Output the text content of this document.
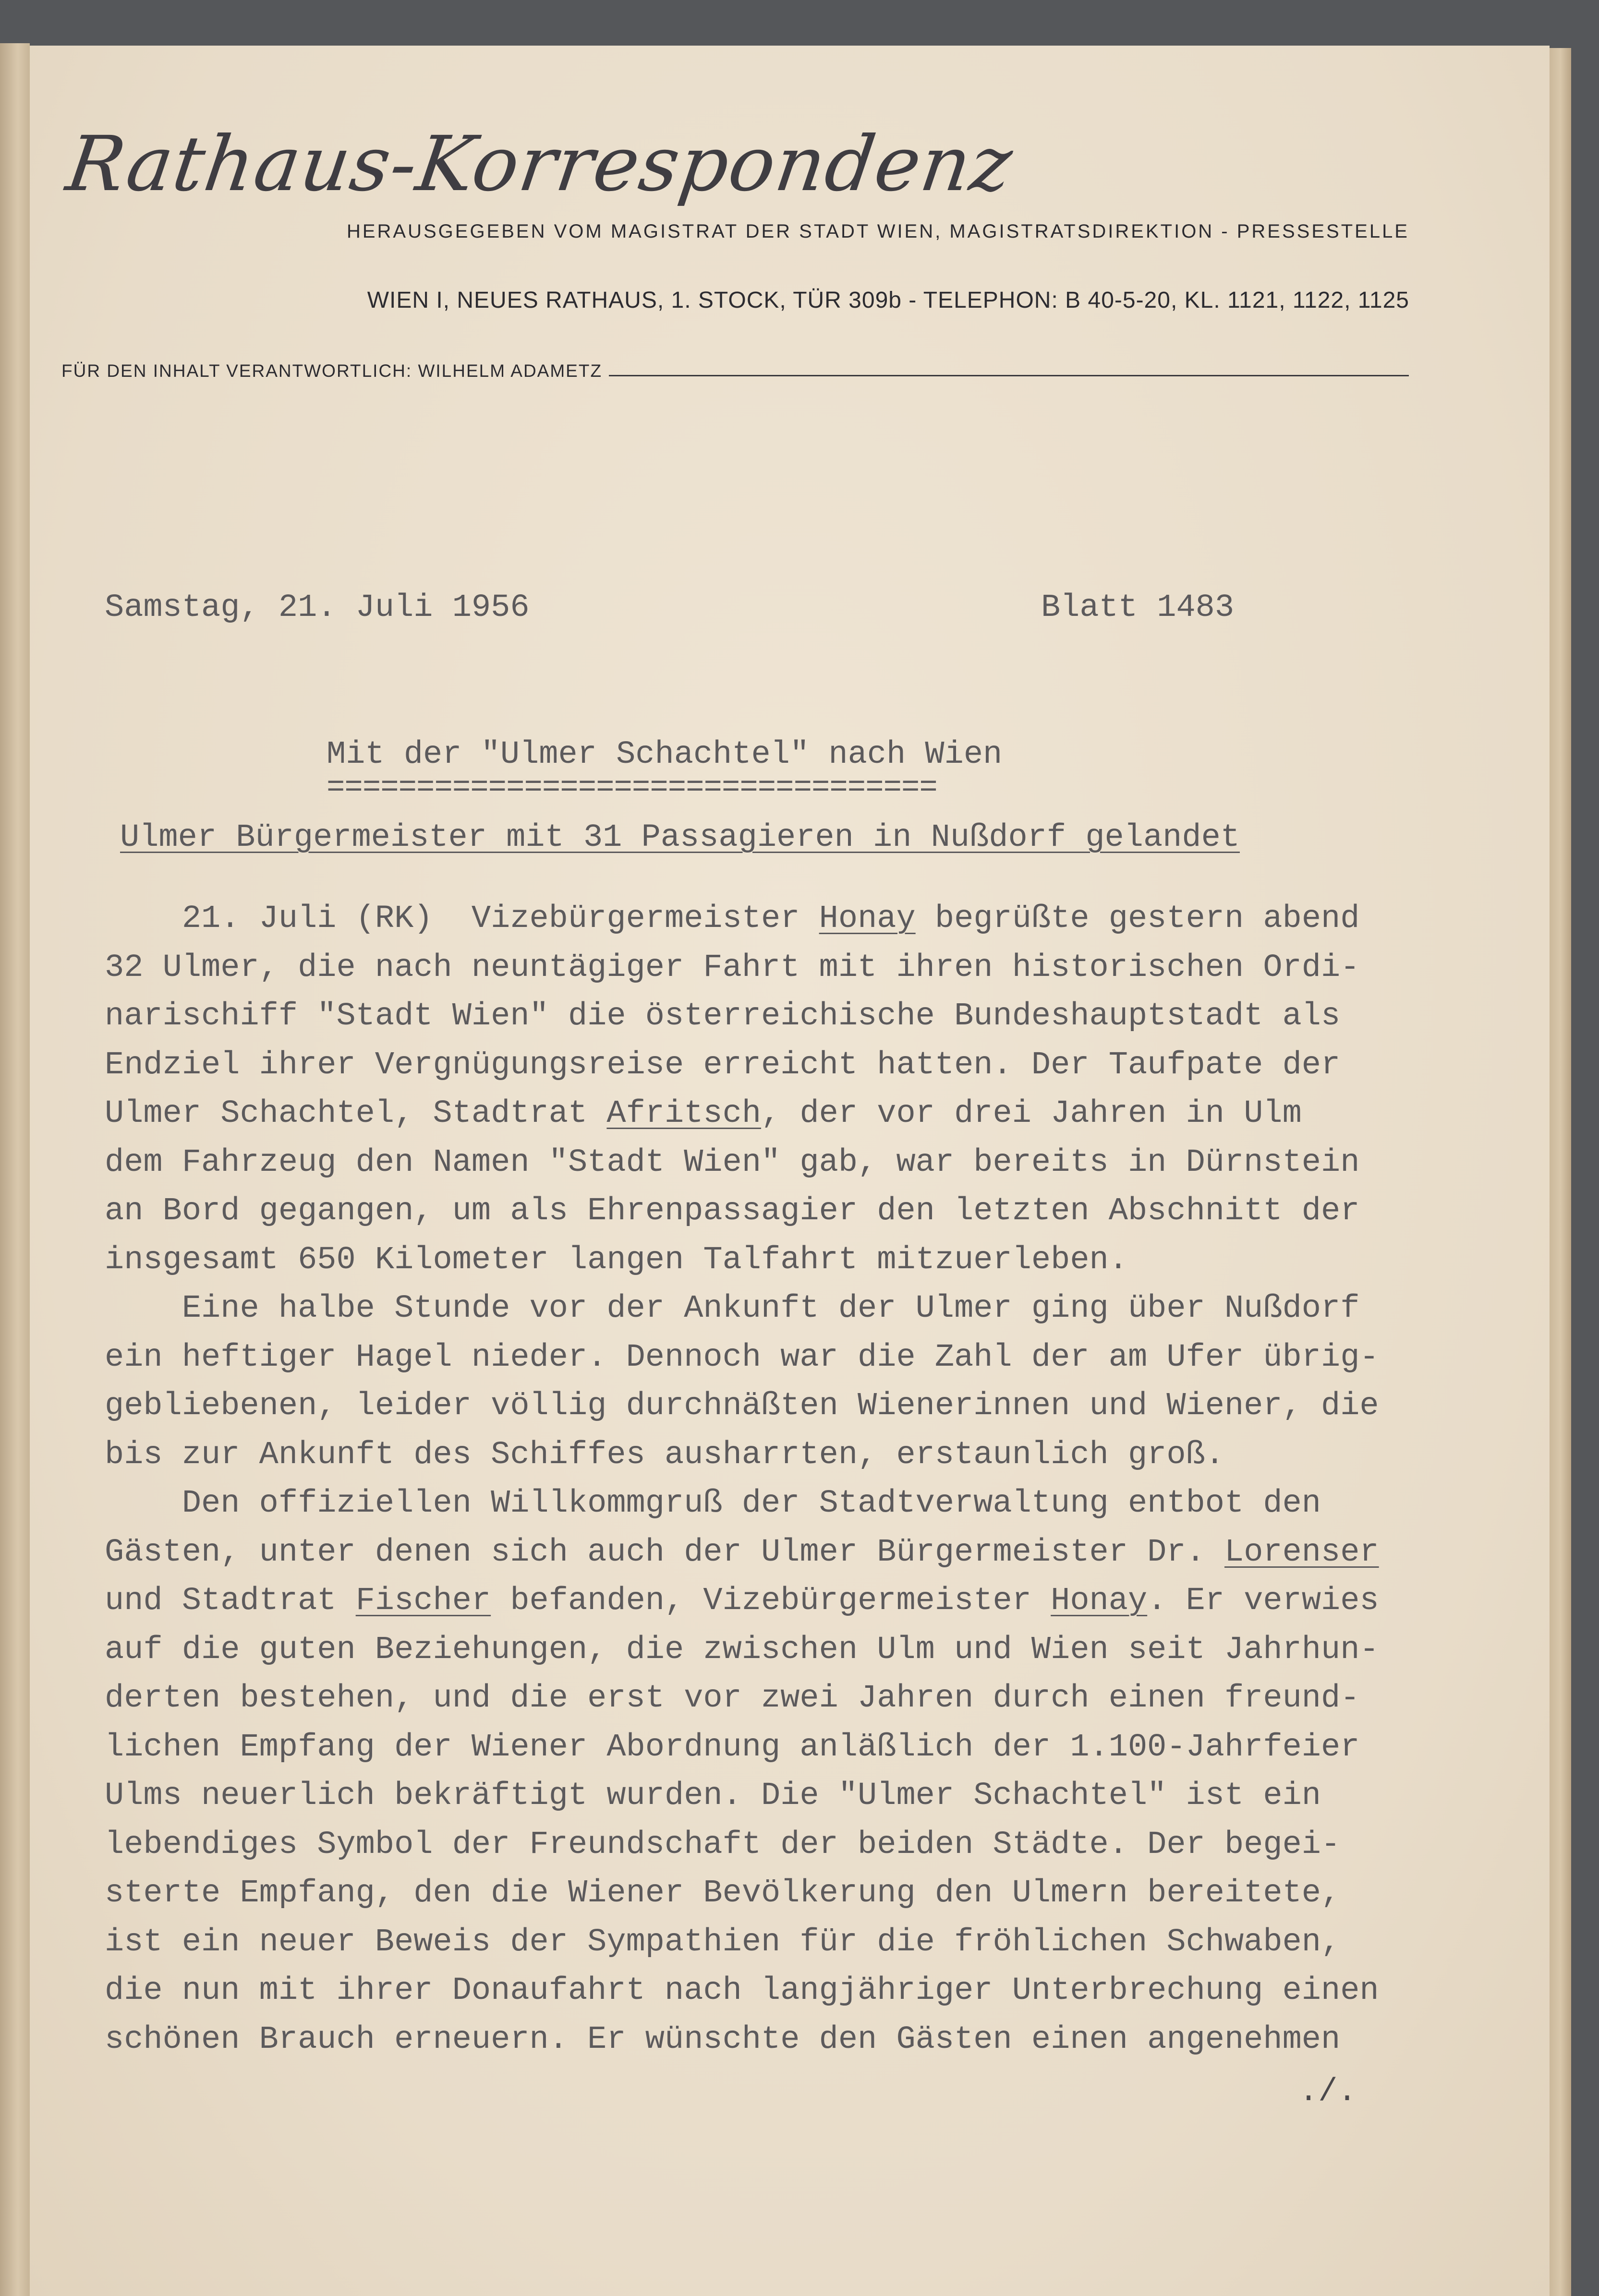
Rathaus-Korrespondenz
HERAUSGEGEBEN VOM MAGISTRAT DER STADT WIEN, MAGISTRATSDIREKTION - PRESSESTELLE
WIEN I, NEUES RATHAUS, 1. STOCK, TÜR 309b - TELEPHON: B 40-5-20, KL. 1121, 1122, 1125
FÜR DEN INHALT VERANTWORTLICH: WILHELM ADAMETZ
Samstag, 21. Juli 1956	Blatt 1483
Mit der "Ulmer Schachtel" nach Wien
==================================
Ulmer Bürgermeister mit 31 Passagieren in Nußdorf gelandet
21. Juli (RK)  Vizebürgermeister Honay begrüßte gestern abend
32 Ulmer, die nach neuntägiger Fahrt mit ihren historischen Ordi-
narischiff "Stadt Wien" die österreichische Bundeshauptstadt als
Endziel ihrer Vergnügungsreise erreicht hatten. Der Taufpate der
Ulmer Schachtel, Stadtrat Afritsch, der vor drei Jahren in Ulm
dem Fahrzeug den Namen "Stadt Wien" gab, war bereits in Dürnstein
an Bord gegangen, um als Ehrenpassagier den letzten Abschnitt der
insgesamt 650 Kilometer langen Talfahrt mitzuerleben.
Eine halbe Stunde vor der Ankunft der Ulmer ging über Nußdorf
ein heftiger Hagel nieder. Dennoch war die Zahl der am Ufer übrig-
gebliebenen, leider völlig durchnäßten Wienerinnen und Wiener, die
bis zur Ankunft des Schiffes ausharrten, erstaunlich groß.
Den offiziellen Willkommgruß der Stadtverwaltung entbot den
Gästen, unter denen sich auch der Ulmer Bürgermeister Dr. Lorenser
und Stadtrat Fischer befanden, Vizebürgermeister Honay. Er verwies
auf die guten Beziehungen, die zwischen Ulm und Wien seit Jahrhun-
derten bestehen, und die erst vor zwei Jahren durch einen freund-
lichen Empfang der Wiener Abordnung anläßlich der 1.100-Jahrfeier
Ulms neuerlich bekräftigt wurden. Die "Ulmer Schachtel" ist ein
lebendiges Symbol der Freundschaft der beiden Städte. Der begei-
sterte Empfang, den die Wiener Bevölkerung den Ulmern bereitete,
ist ein neuer Beweis der Sympathien für die fröhlichen Schwaben,
die nun mit ihrer Donaufahrt nach langjähriger Unterbrechung einen
schönen Brauch erneuern. Er wünschte den Gästen einen angenehmen
./.
